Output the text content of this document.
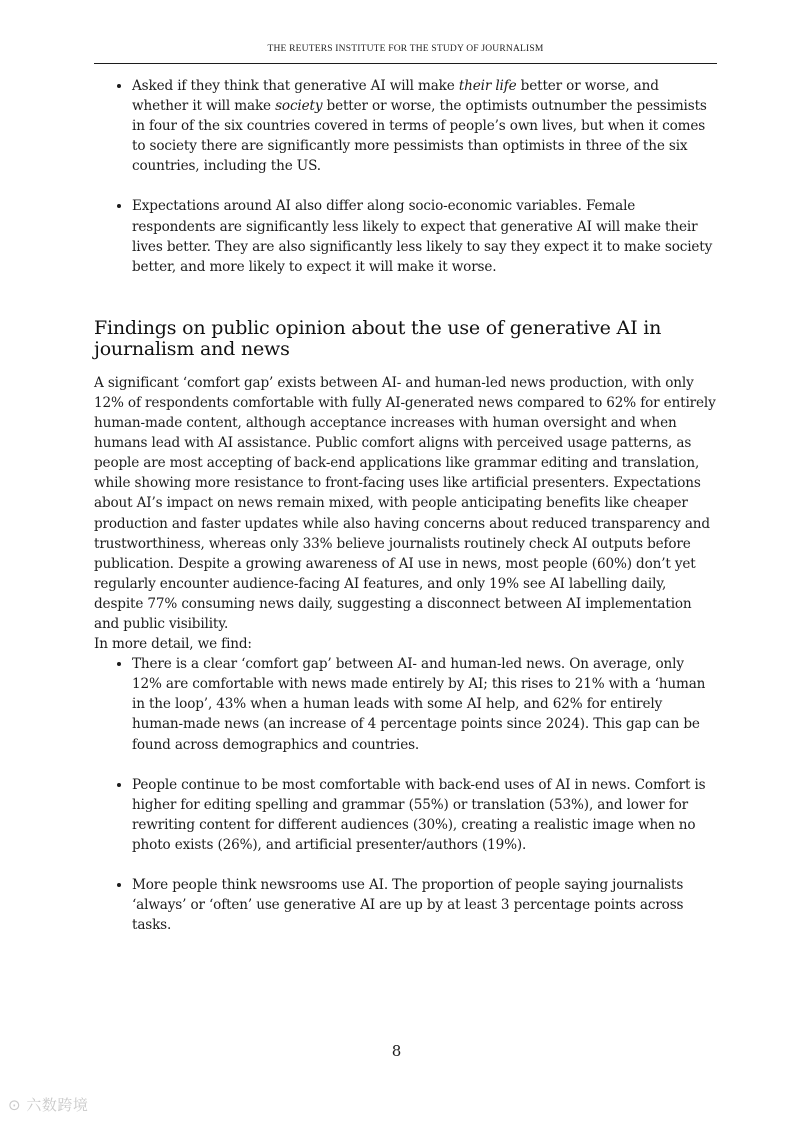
THE REUTERS INSTITUTE FOR THE STUDY OF JOURNALISM
• Asked if they think that generative AI will make their life better or worse, and whether it will make society better or worse, the optimists outnumber the pessimists in four of the six countries covered in terms of people’s own lives, but when it comes to society there are significantly more pessimists than optimists in three of the six countries, including the US.
• Expectations around AI also differ along socio-economic variables. Female respondents are significantly less likely to expect that generative AI will make their lives better. They are also significantly less likely to say they expect it to make society better, and more likely to expect it will make it worse.
Findings on public opinion about the use of generative AI in journalism and news

A significant ‘comfort gap’ exists between AI- and human-led news production, with only 12% of respondents comfortable with fully AI-generated news compared to 62% for entirely human-made content, although acceptance increases with human oversight and when humans lead with AI assistance. Public comfort aligns with perceived usage patterns, as people are most accepting of back-end applications like grammar editing and translation, while showing more resistance to front-facing uses like artificial presenters. Expectations about AI’s impact on news remain mixed, with people anticipating benefits like cheaper production and faster updates while also having concerns about reduced transparency and trustworthiness, whereas only 33% believe journalists routinely check AI outputs before publication. Despite a growing awareness of AI use in news, most people (60%) don’t yet regularly encounter audience-facing AI features, and only 19% see AI labelling daily, despite 77% consuming news daily, suggesting a disconnect between AI implementation and public visibility.

In more detail, we find:

• There is a clear ‘comfort gap’ between AI- and human-led news. On average, only 12% are comfortable with news made entirely by AI; this rises to 21% with a ‘human in the loop’, 43% when a human leads with some AI help, and 62% for entirely human-made news (an increase of 4 percentage points since 2024). This gap can be found across demographics and countries.
• People continue to be most comfortable with back-end uses of AI in news. Comfort is higher for editing spelling and grammar (55%) or translation (53%), and lower for rewriting content for different audiences (30%), creating a realistic image when no photo exists (26%), and artificial presenter/authors (19%).
• More people think newsrooms use AI. The proportion of people saying journalists ‘always’ or ‘often’ use generative AI are up by at least 3 percentage points across tasks.
8
⊙ 六数跨境
